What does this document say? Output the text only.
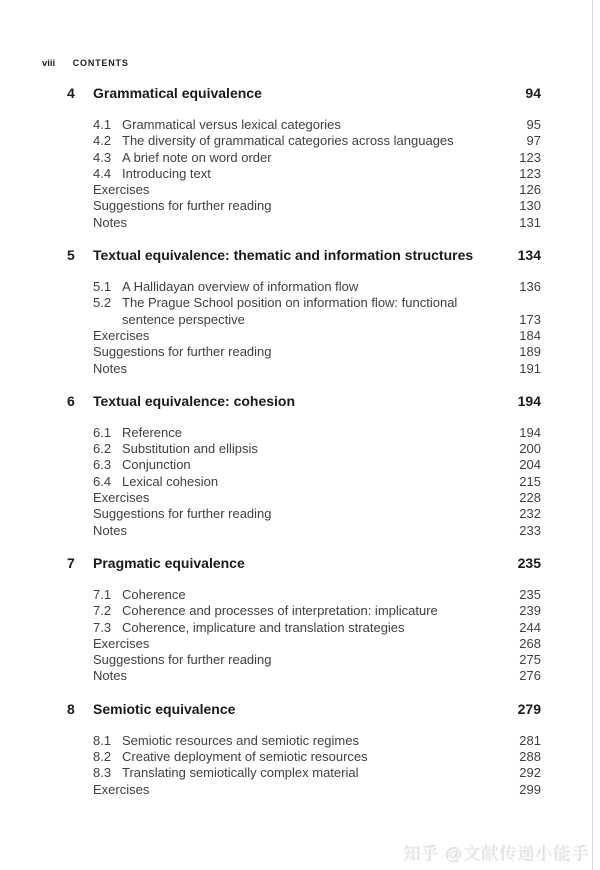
viii CONTENTS
4	Grammatical equivalence	94
4.1 Grammatical versus lexical categories	95
4.2 The diversity of grammatical categories across languages	97
4.3 A brief note on word order	123
4.4 Introducing text	123
Exercises	126
Suggestions for further reading	130
Notes	131
5	Textual equivalence: thematic and information structures	134
5.1 A Hallidayan overview of information flow	136
5.2 The Prague School position on information flow: functional
sentence perspective	173
Exercises	184
Suggestions for further reading	189
Notes	191
6	Textual equivalence: cohesion	194
6.1 Reference	194
6.2 Substitution and ellipsis	200
6.3 Conjunction	204
6.4 Lexical cohesion	215
Exercises	228
Suggestions for further reading	232
Notes	233
7	Pragmatic equivalence	235
7.1 Coherence	235
7.2 Coherence and processes of interpretation: implicature	239
7.3 Coherence, implicature and translation strategies	244
Exercises	268
Suggestions for further reading	275
Notes	276
8	Semiotic equivalence	279
8.1 Semiotic resources and semiotic regimes	281
8.2 Creative deployment of semiotic resources	288
8.3 Translating semiotically complex material	292
Exercises	299
知乎 @文献传递小能手
